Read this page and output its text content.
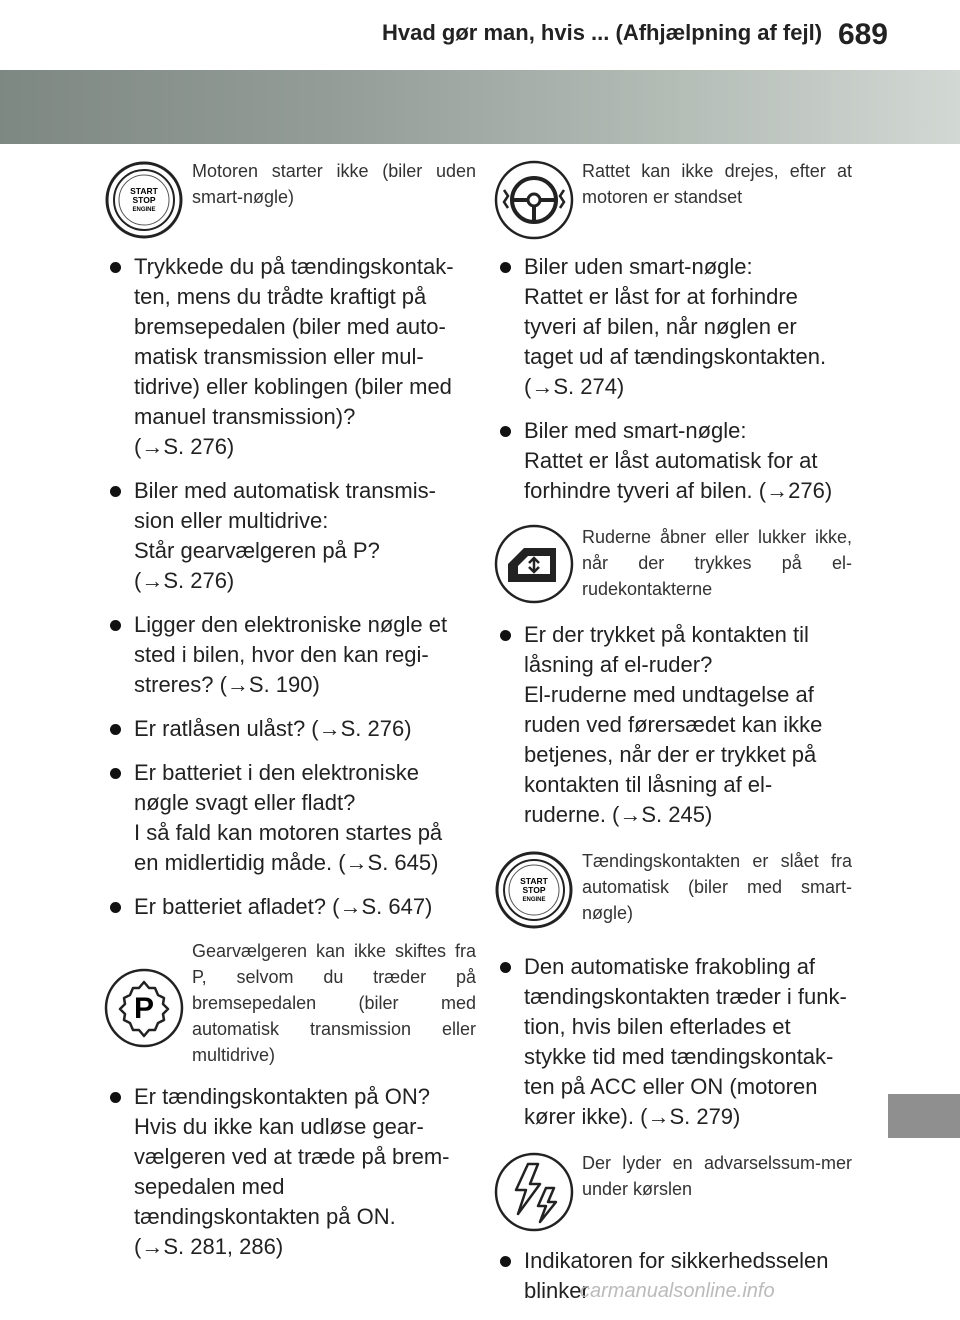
Hvad gør man, hvis ... (Afhjælpning af fejl) 689
START
STOP
ENGINE
Motoren starter ikke (biler uden smart-nøgle)
Trykkede du på tændingskontak-
ten, mens du trådte kraftigt på
bremsepedalen (biler med auto-
matisk transmission eller mul-
tidrive) eller koblingen (biler med
manuel transmission)?
(→S. 276)
Biler med automatisk transmis-
sion eller multidrive:
Står gearvælgeren på P?
(→S. 276)
Ligger den elektroniske nøgle et
sted i bilen, hvor den kan regi-
streres? (→S. 190)
Er ratlåsen ulåst? (→S. 276)
Er batteriet i den elektroniske
nøgle svagt eller fladt?
I så fald kan motoren startes på
en midlertidig måde. (→S. 645)
Er batteriet afladet? (→S. 647)
P
Gearvælgeren kan ikke skiftes fra P, selvom du træder på bremsepedalen (biler med automatisk transmission eller multidrive)
Er tændingskontakten på ON?
Hvis du ikke kan udløse gear-
vælgeren ved at træde på brem-
sepedalen med
tændingskontakten på ON.
(→S. 281, 286)
Rattet kan ikke drejes, efter at motoren er standset
Biler uden smart-nøgle:
Rattet er låst for at forhindre
tyveri af bilen, når nøglen er
taget ud af tændingskontakten.
(→S. 274)
Biler med smart-nøgle:
Rattet er låst automatisk for at
forhindre tyveri af bilen. (→276)
Ruderne åbner eller lukker ikke, når der trykkes på el-rudekontakterne
Er der trykket på kontakten til
låsning af el-ruder?
El-ruderne med undtagelse af
ruden ved førersædet kan ikke
betjenes, når der er trykket på
kontakten til låsning af el-
ruderne. (→S. 245)
START
STOP
ENGINE
Tændingskontakten er slået fra automatisk (biler med smart-nøgle)
Den automatiske frakobling af
tændingskontakten træder i funk-
tion, hvis bilen efterlades et
stykke tid med tændingskontak-
ten på ACC eller ON (motoren
kører ikke). (→S. 279)
Der lyder en advarselssum-mer under kørslen
Indikatoren for sikkerhedsselen
blinker
carmanualsonline.info
